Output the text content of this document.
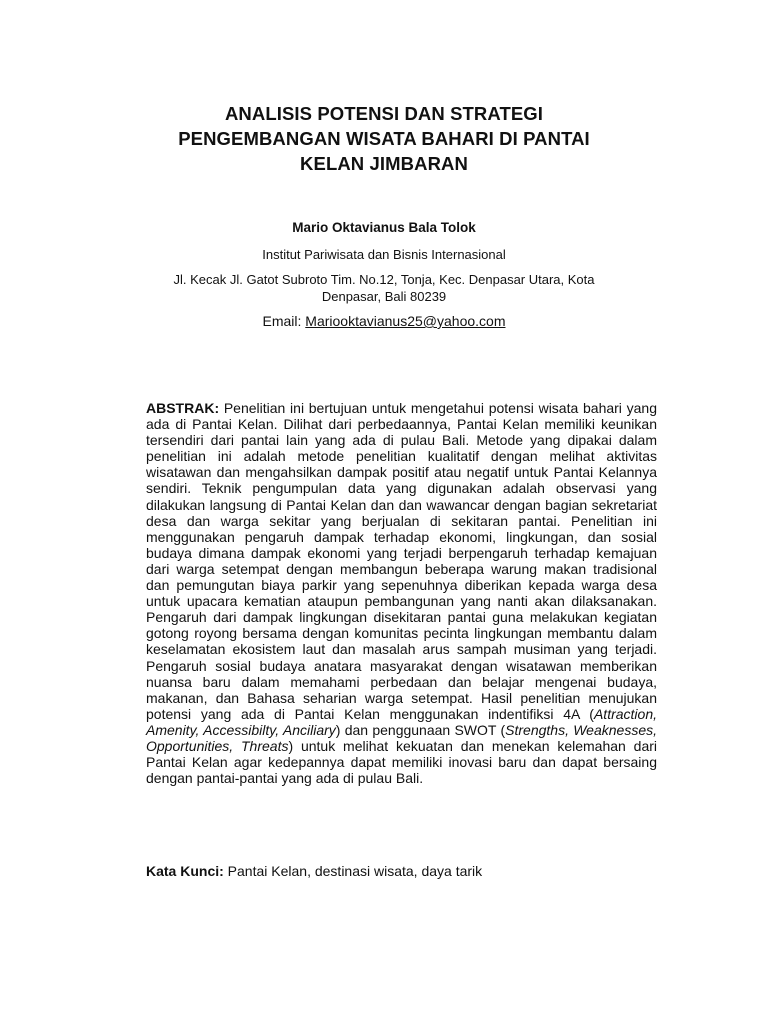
ANALISIS POTENSI DAN STRATEGI
PENGEMBANGAN WISATA BAHARI DI PANTAI
KELAN JIMBARAN
Mario Oktavianus Bala Tolok
Institut Pariwisata dan Bisnis Internasional
Jl. Kecak Jl. Gatot Subroto Tim. No.12, Tonja, Kec. Denpasar Utara, Kota
Denpasar, Bali 80239
Email: Mariooktavianus25@yahoo.com

ABSTRAK: Penelitian ini bertujuan untuk mengetahui potensi wisata bahari yang ada di Pantai Kelan. Dilihat dari perbedaannya, Pantai Kelan memiliki keunikan tersendiri dari pantai lain yang ada di pulau Bali. Metode yang dipakai dalam penelitian ini adalah metode penelitian kualitatif dengan melihat aktivitas wisatawan dan mengahsilkan dampak positif atau negatif untuk Pantai Kelannya sendiri. Teknik pengumpulan data yang digunakan adalah observasi yang dilakukan langsung di Pantai Kelan dan dan wawancar dengan bagian sekretariat desa dan warga sekitar yang berjualan di sekitaran pantai. Penelitian ini menggunakan pengaruh dampak terhadap ekonomi, lingkungan, dan sosial budaya dimana dampak ekonomi yang terjadi berpengaruh terhadap kemajuan dari warga setempat dengan membangun beberapa warung makan tradisional dan pemungutan biaya parkir yang sepenuhnya diberikan kepada warga desa untuk upacara kematian ataupun pembangunan yang nanti akan dilaksanakan. Pengaruh dari dampak lingkungan disekitaran pantai guna melakukan kegiatan gotong royong bersama dengan komunitas pecinta lingkungan membantu dalam keselamatan ekosistem laut dan masalah arus sampah musiman yang terjadi. Pengaruh sosial budaya anatara masyarakat dengan wisatawan memberikan nuansa baru dalam memahami perbedaan dan belajar mengenai budaya, makanan, dan Bahasa seharian warga setempat. Hasil penelitian menujukan potensi yang ada di Pantai Kelan menggunakan indentifiksi 4A (Attraction, Amenity, Accessibilty, Anciliary) dan penggunaan SWOT (Strengths, Weaknesses, Opportunities, Threats) untuk melihat kekuatan dan menekan kelemahan dari Pantai Kelan agar kedepannya dapat memiliki inovasi baru dan dapat bersaing dengan pantai-pantai yang ada di pulau Bali.

Kata Kunci: Pantai Kelan, destinasi wisata, daya tarik
